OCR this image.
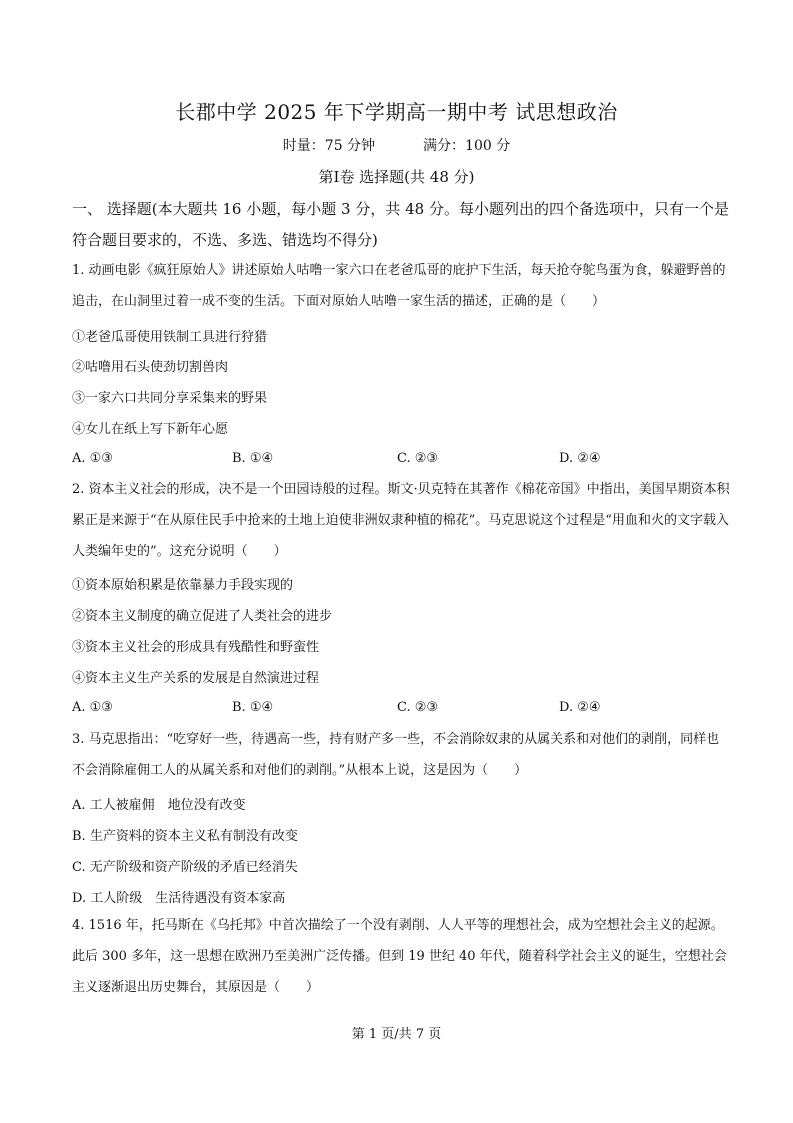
长郡中学 2025 年下学期高一期中考 试思想政治
时量：75 分钟	满分：100 分
第Ⅰ卷 选择题(共 48 分)
一、 选择题(本大题共 16 小题，每小题 3 分，共 48 分。每小题列出的四个备选项中，只有一个是符合题目要求的，不选、多选、错选均不得分)
1. 动画电影《疯狂原始人》讲述原始人咕噜一家六口在老爸瓜哥的庇护下生活，每天抢夺鸵鸟蛋为食，躲避野兽的追击，在山洞里过着一成不变的生活。下面对原始人咕噜一家生活的描述，正确的是（　　）
①老爸瓜哥使用铁制工具进行狩猎
②咕噜用石头使劲切割兽肉
③一家六口共同分享采集来的野果
④女儿在纸上写下新年心愿
A. ①③	B. ①④	C. ②③	D. ②④
2. 资本主义社会的形成，决不是一个田园诗般的过程。斯文·贝克特在其著作《棉花帝国》中指出，美国早期资本积累正是来源于“在从原住民手中抢来的土地上迫使非洲奴隶种植的棉花”。马克思说这个过程是“用血和火的文字载入人类编年史的”。这充分说明（　　）
①资本原始积累是依靠暴力手段实现的
②资本主义制度的确立促进了人类社会的进步
③资本主义社会的形成具有残酷性和野蛮性
④资本主义生产关系的发展是自然演进过程
A. ①③	B. ①④	C. ②③	D. ②④
3. 马克思指出：“吃穿好一些，待遇高一些，持有财产多一些，不会消除奴隶的从属关系和对他们的剥削，同样也不会消除雇佣工人的从属关系和对他们的剥削。”从根本上说，这是因为（　　）
A. 工人被雇佣　地位没有改变
B. 生产资料的资本主义私有制没有改变
C. 无产阶级和资产阶级的矛盾已经消失
D. 工人阶级　生活待遇没有资本家高
4. 1516 年，托马斯在《乌托邦》中首次描绘了一个没有剥削、人人平等的理想社会，成为空想社会主义的起源。此后 300 多年，这一思想在欧洲乃至美洲广泛传播。但到 19 世纪 40 年代，随着科学社会主义的诞生，空想社会主义逐渐退出历史舞台，其原因是（　　）
第 1 页/共 7 页
